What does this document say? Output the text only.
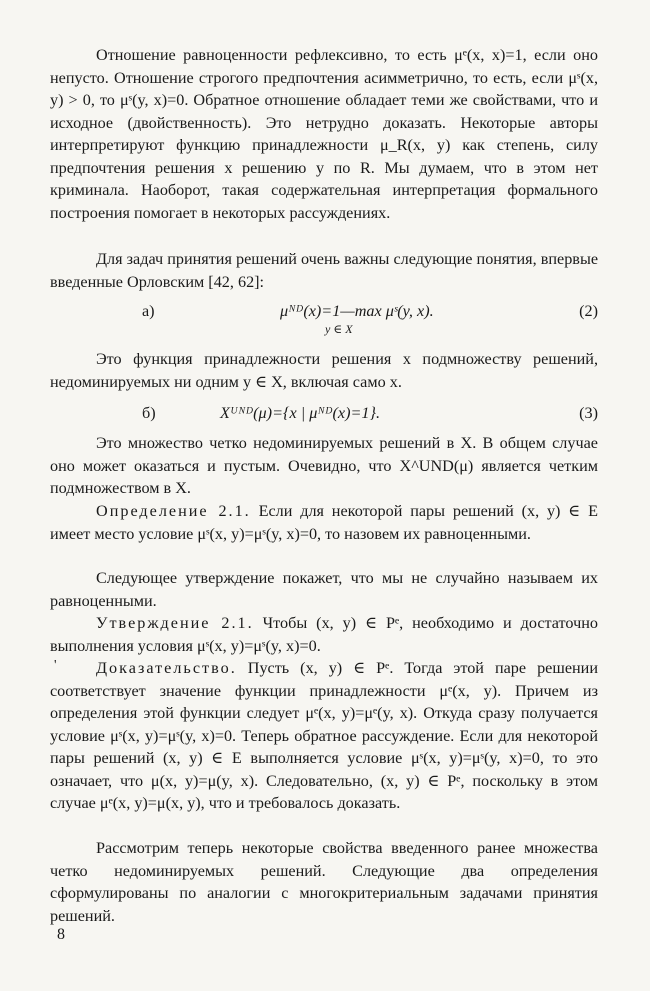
Отношение равноценности рефлексивно, то есть μᵉ(x, x)=1, если оно непусто. Отношение строгого предпочтения асимметрично, то есть, если μˢ(x, y) > 0, то μˢ(y, x)=0. Обратное отношение обладает теми же свойствами, что и исходное (двойственность). Это нетрудно доказать. Некоторые авторы интерпретируют функцию принадлежности μ_R(x, y) как степень, силу предпочтения решения x решению y по R. Мы думаем, что в этом нет криминала. Наоборот, такая содержательная интерпретация формального построения помогает в некоторых рассуждениях.

Для задач принятия решений очень важны следующие понятия, впервые введенные Орловским [42, 62]:

а)	μᴺᴰ(x)=1—max μˢ(y, x).
y ∈ X
(2)

Это функция принадлежности решения x подмножеству решений, недоминируемых ни одним y ∈ X, включая само x.

б)	Xᵁᴺᴰ(μ)={x | μᴺᴰ(x)=1}.	(3)

Это множество четко недоминируемых решений в X. В общем случае оно может оказаться и пустым. Очевидно, что X^UND(μ) является четким подмножеством в X.

Определение 2.1. Если для некоторой пары решений (x, y) ∈ E имеет место условие μˢ(x, y)=μˢ(y, x)=0, то назовем их равноценными.

Следующее утверждение покажет, что мы не случайно называем их равноценными.

Утверждение 2.1. Чтобы (x, y) ∈ Pᵉ, необходимо и достаточно выполнения условия μˢ(x, y)=μˢ(y, x)=0.

'	Доказательство. Пусть (x, y) ∈ Pᵉ. Тогда этой паре решении соответствует значение функции принадлежности μᵉ(x, y). Причем из определения этой функции следует μᵉ(x, y)=μᵉ(y, x). Откуда сразу получается условие μˢ(x, y)=μˢ(y, x)=0. Теперь обратное рассуждение. Если для некоторой пары решений (x, y) ∈ E выполняется условие μˢ(x, y)=μˢ(y, x)=0, то это означает, что μ(x, y)=μ(y, x). Следовательно, (x, y) ∈ Pᵉ, поскольку в этом случае μᵉ(x, y)=μ(x, y), что и требовалось доказать.

Рассмотрим теперь некоторые свойства введенного ранее множества четко недоминируемых решений. Следующие два определения сформулированы по аналогии с многокритериальным задачами принятия решений.

8
